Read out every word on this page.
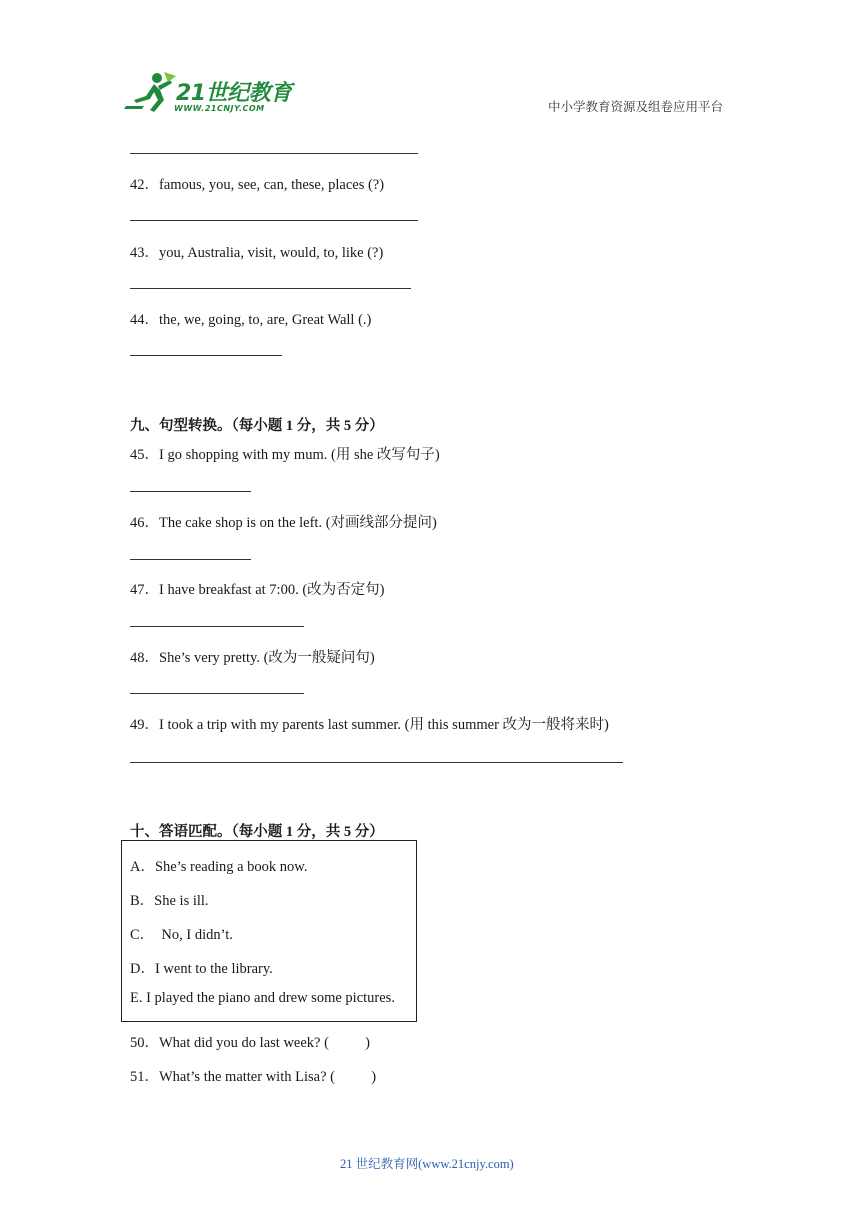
21世纪教育
WWW.21CNJY.COM	中小学教育资源及组卷应用平台
42．famous, you, see, can, these, places (?)
43．you, Australia, visit, would, to, like (?)
44．the, we, going, to, are, Great Wall (.)
九、句型转换。（每小题 1 分，共 5 分）
45．I go shopping with my mum. (用 she 改写句子)
46．The cake shop is on the left. (对画线部分提问)
47．I have breakfast at 7:00. (改为否定句)
48．She’s very pretty. (改为一般疑问句)
49．I took a trip with my parents last summer. (用 this summer 改为一般将来时)
十、答语匹配。（每小题 1 分，共 5 分）
A．She’s reading a book now.
B．She is ill.
C．  No, I didn’t.
D．I went to the library.
E. I played the piano and drew some pictures.
50．What did you do last week? (          )
51．What’s the matter with Lisa? (          )
21 世纪教育网(www.21cnjy.com)
